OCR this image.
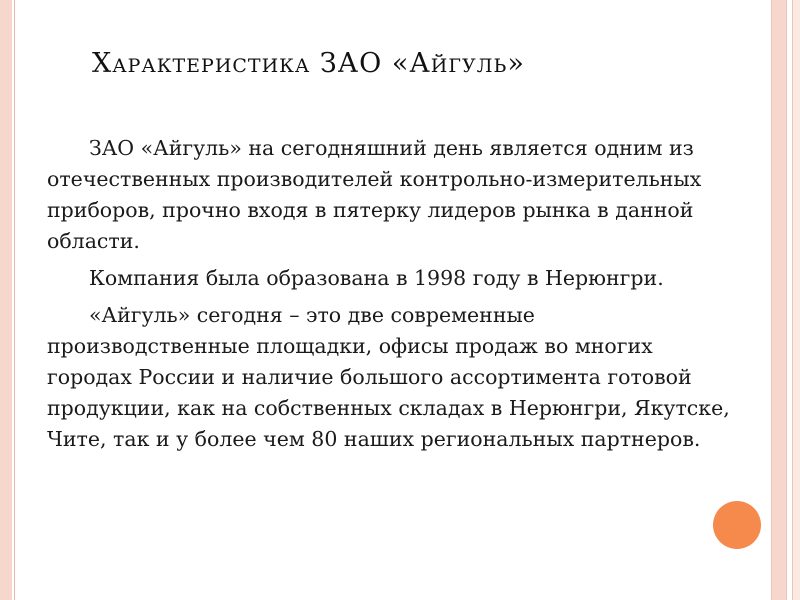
Характеристика ЗАО «Айгуль»

ЗАО «Айгуль» на сегодняшний день является одним из отечественных производителей контрольно-измерительных приборов, прочно входя в пятерку лидеров рынка в данной области.

Компания была образована в 1998 году в Нерюнгри.

«Айгуль» сегодня – это две современные производственные площадки, офисы продаж во многих городах России и наличие большого ассортимента готовой продукции, как на собственных складах в Нерюнгри, Якутске, Чите, так и у более чем 80 наших региональных партнеров.
